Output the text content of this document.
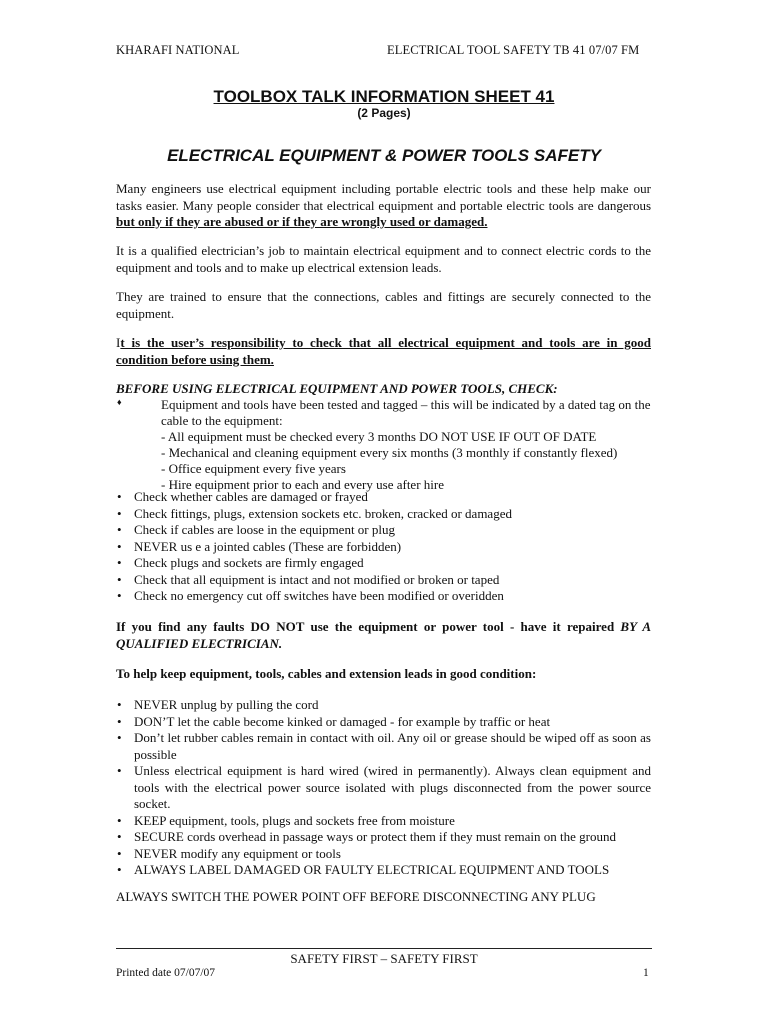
KHARAFI NATIONAL	ELECTRICAL TOOL SAFETY TB 41 07/07 FM
TOOLBOX TALK INFORMATION SHEET 41
(2 Pages)
ELECTRICAL EQUIPMENT & POWER TOOLS SAFETY
Many engineers use electrical equipment including portable electric tools and these help make our tasks easier. Many people consider that electrical equipment and portable electric tools are dangerous but only if they are abused or if they are wrongly used or damaged.
It is a qualified electrician’s job to maintain electrical equipment and to connect electric cords to the equipment and tools and to make up electrical extension leads.
They are trained to ensure that the connections, cables and fittings are securely connected to the equipment.
It is the user’s responsibility to check that all electrical equipment and tools are in good condition before using them.
BEFORE USING ELECTRICAL EQUIPMENT AND POWER TOOLS, CHECK:
♦	Equipment and tools have been tested and tagged – this will be indicated by a dated tag on the cable to the equipment:
- All equipment must be checked every 3 months DO NOT USE IF OUT OF DATE
- Mechanical and cleaning equipment every six months (3 monthly if constantly flexed)
- Office equipment every five years
- Hire equipment prior to each and every use after hire
• Check whether cables are damaged or frayed
• Check fittings, plugs, extension sockets etc. broken, cracked or damaged
• Check if cables are loose in the equipment or plug
• NEVER us e a jointed cables (These are forbidden)
• Check plugs and sockets are firmly engaged
• Check that all equipment is intact and not modified or broken or taped
• Check no emergency cut off switches have been modified or overidden
If you find any faults DO NOT use the equipment or power tool - have it repaired BY A QUALIFIED ELECTRICIAN.
To help keep equipment, tools, cables and extension leads in good condition:
• NEVER unplug by pulling the cord
• DON’T let the cable become kinked or damaged - for example by traffic or heat
• Don’t let rubber cables remain in contact with oil. Any oil or grease should be wiped off as soon as possible
• Unless electrical equipment is hard wired (wired in permanently). Always clean equipment and tools with the electrical power source isolated with plugs disconnected from the power source socket.
• KEEP equipment, tools, plugs and sockets free from moisture
• SECURE cords overhead in passage ways or protect them if they must remain on the ground
• NEVER modify any equipment or tools
• ALWAYS LABEL DAMAGED OR FAULTY ELECTRICAL EQUIPMENT AND TOOLS
ALWAYS SWITCH THE POWER POINT OFF BEFORE DISCONNECTING ANY PLUG
SAFETY FIRST – SAFETY FIRST
Printed date 07/07/07	1
